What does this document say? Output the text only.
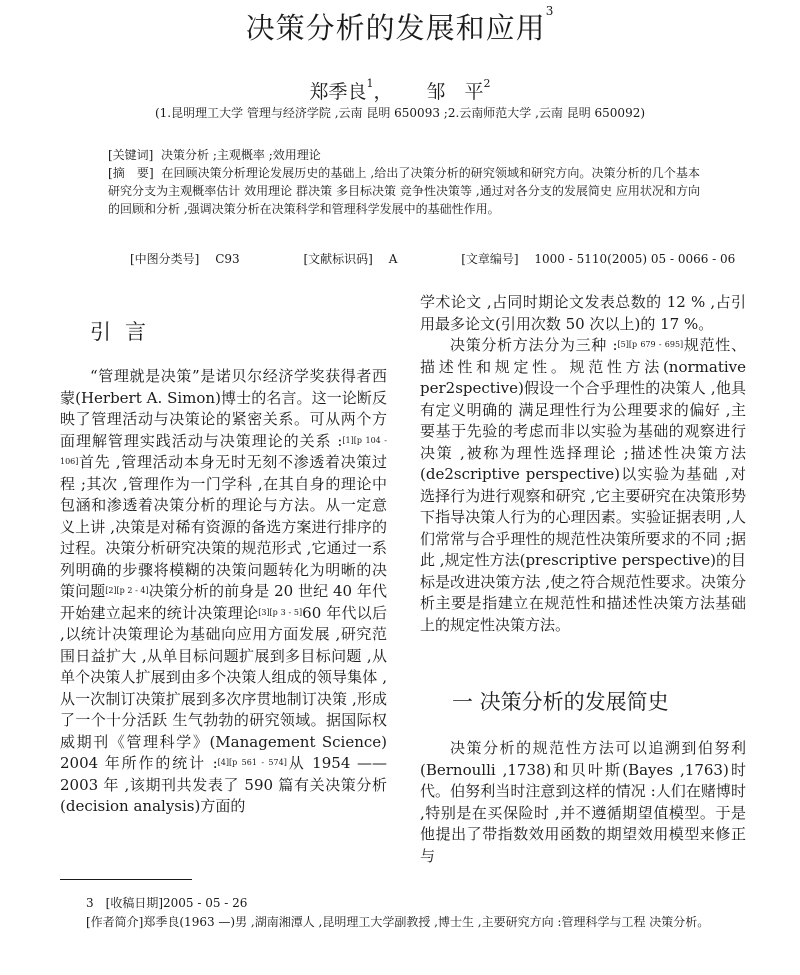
决策分析的发展和应用$^3$
郑季良$^1$， 邹　平$^2$
(1.昆明理工大学 管理与经济学院 ,云南 昆明 650093 ;2.云南师范大学 ,云南 昆明 650092)

[关键词] 决策分析 ;主观概率 ;效用理论

[摘　要] 在回顾决策分析理论发展历史的基础上 ,给出了决策分析的研究领域和研究方向。决策分析的几个基本研究分支为主观概率估计 效用理论 群决策 多目标决策 竞争性决策等 ,通过对各分支的发展简史 应用状况和方向的回顾和分析 ,强调决策分析在决策科学和管理科学发展中的基础性作用。

[中图分类号] C93	[文献标识码] A	[文章编号] 1000 - 5110(2005) 05 - 0066 - 06
引言

“管理就是决策”是诺贝尔经济学奖获得者西蒙(Herbert A. Simon)博士的名言。这一论断反映了管理活动与决策论的紧密关系。可从两个方面理解管理实践活动与决策理论的关系 :[1][p 104 - 106]首先 ,管理活动本身无时无刻不渗透着决策过程 ;其次 ,管理作为一门学科 ,在其自身的理论中包涵和渗透着决策分析的理论与方法。从一定意义上讲 ,决策是对稀有资源的备选方案进行排序的过程。决策分析研究决策的规范形式 ,它通过一系列明确的步骤将模糊的决策问题转化为明晰的决策问题[2][p 2 - 4]决策分析的前身是 20 世纪 40 年代开始建立起来的统计决策理论[3][p 3 - 5]60 年代以后 ,以统计决策理论为基础向应用方面发展 ,研究范围日益扩大 ,从单目标问题扩展到多目标问题 ,从单个决策人扩展到由多个决策人组成的领导集体 ,从一次制订决策扩展到多次序贯地制订决策 ,形成了一个十分活跃 生气勃勃的研究领域。据国际权威期刊《管理科学》(Management Science) 2004 年所作的统计 :[4][p 561 - 574]从 1954 —— 2003 年 ,该期刊共发表了 590 篇有关决策分析(decision analysis)方面的

学术论文 ,占同时期论文发表总数的 12 % ,占引用最多论文(引用次数 50 次以上)的 17 %。

决策分析方法分为三种 :[5][p 679 - 695]规范性、描述性和规定性。规范性方法(normative per2spective)假设一个合乎理性的决策人 ,他具有定义明确的 满足理性行为公理要求的偏好 ,主要基于先验的考虑而非以实验为基础的观察进行决策 ,被称为理性选择理论 ;描述性决策方法(de2scriptive perspective)以实验为基础 ,对选择行为进行观察和研究 ,它主要研究在决策形势下指导决策人行为的心理因素。实验证据表明 ,人们常常与合乎理性的规范性决策所要求的不同 ;据此 ,规定性方法(prescriptive perspective)的目标是改进决策方法 ,使之符合规范性要求。决策分析主要是指建立在规范性和描述性决策方法基础上的规定性决策方法。

一 决策分析的发展简史

决策分析的规范性方法可以追溯到伯努利(Bernoulli ,1738)和贝叶斯(Bayes ,1763)时代。伯努利当时注意到这样的情况 :人们在赌博时 ,特别是在买保险时 ,并不遵循期望值模型。于是他提出了带指数效用函数的期望效用模型来修正与

3　[收稿日期]2005 - 05 - 26

[作者简介]郑季良(1963 —)男 ,湖南湘潭人 ,昆明理工大学副教授 ,博士生 ,主要研究方向 :管理科学与工程 决策分析。
